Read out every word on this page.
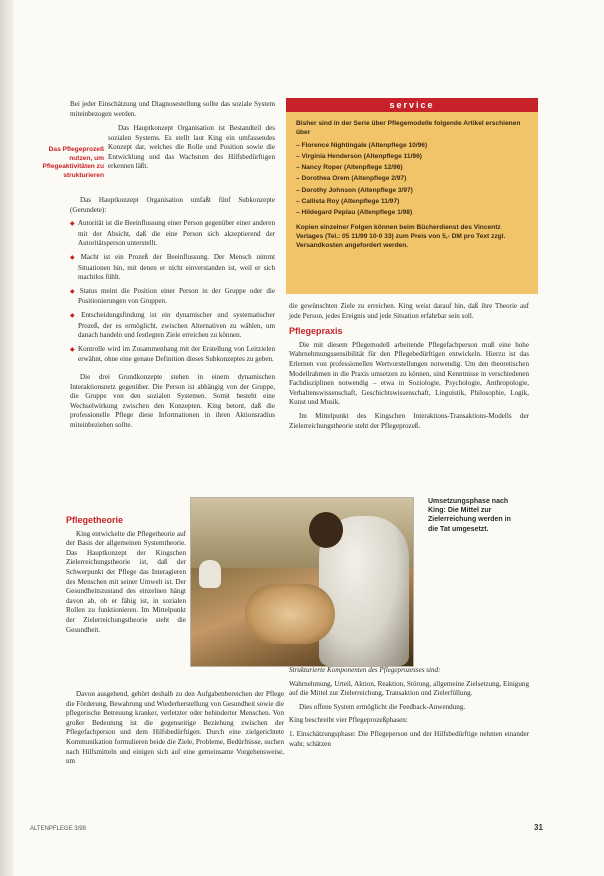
Bei jeder Einschätzung und Diagnosestellung sollte das soziale System miteinbezogen werden.

Das Pflegeprozeß nutzen, um Pflegeaktivitäten zu strukturieren

Das Hauptkonzept Organisation ist Bestandteil des sozialen Systems. Es stellt laut King ein umfassendes Konzept dar, welches die Rolle und Position sowie die Entwicklung und das Wachstum des Hilfsbedürftigen erkennen läßt.

Das Hauptkonzept Organisation umfaßt fünf Subkonzepte (Gerundete):

◆ Autorität ist die Beeinflussung einer Person gegenüber einer anderen mit der Absicht, daß die eine Person sich akzeptierend der Autoritätsperson unterstellt.

◆ Macht ist ein Prozeß der Beeinflussung. Der Mensch nimmt Situationen hin, mit denen er nicht einverstanden ist, weil er sich machtlos fühlt.

◆ Status meint die Position einer Person in der Gruppe oder die Positionierungen von Gruppen.

◆ Entscheidungsfindung ist ein dynamischer und systematischer Prozeß, der es ermöglicht, zwischen Alternativen zu wählen, um danach handeln und festlegten Ziele erreichen zu können.

◆ Kontrolle wird im Zusammenhang mit der Erstellung von Leitzielen erwähnt, ohne eine genaue Definition dieses Subkonzeptes zu geben.

Die drei Grundkonzepte stehen in einem dynamischen Interaktionsnetz gegenüber. Die Person ist abhängig von der Gruppe, die Gruppe von den sozialen Systemen. Somit besteht eine Wechselwirkung zwischen den Konzepten. King betont, daß die professionelle Pflege diese Informationen in ihren Aktionsradius miteinbeziehen sollte.

Pflegetheorie

King entwickelte die Pflegetheorie auf der Basis der allgemeinen Systemtheorie. Das Hauptkonzept der Kingschen Zielerreichungstheorie ist, daß der Schwerpunkt der Pflege das Interagieren des Menschen mit seiner Umwelt ist. Der Gesundheitszustand des einzelnen hängt davon ab, ob er fähig ist, in sozialen Rollen zu funktionieren. Im Mittelpunkt der Zielerreichungstheorie steht die Gesundheit.

Davon ausgehend, gehört deshalb zu den Aufgabenbereichen der Pflege die Förderung, Bewahrung und Wiederherstellung von Gesundheit sowie die pflegerische Betreuung kranker, verletzter oder behinderter Menschen. Von großer Bedeutung ist die gegenseitige Beziehung zwischen der Pflegefachperson und dem Hilfsbedürftigen. Durch eine zielgerichtete Kommunikation formulieren beide die Ziele, Probleme, Bedürfnisse, suchen nach Hilfsmitteln und einigen sich auf eine gemeinsame Vorgehensweise, um

service
Bisher sind in der Serie über Pflegemodelle folgende Artikel erschienen über
– Florence Nightingale (Altenpflege 10/96)
– Virginia Henderson (Altenpflege 11/96)
– Nancy Roper (Altenpflege 12/96)
– Dorothea Orem (Altenpflege 2/97)
– Dorothy Johnson (Altenpflege 3/97)
– Callista Roy (Altenpflege 11/97)
– Hildegard Peplau (Altenpflege 1/98)
Kopien einzelner Folgen können beim Bücherdienst des Vincentz Verlages (Tel.: 05 11/99 10-0 33) zum Preis von 5,- DM pro Text zzgl. Versandkosten angefordert werden.

die gewünschten Ziele zu erreichen. King weist darauf hin, daß ihre Theorie auf jede Person, jedes Ereignis und jede Situation erfahrbar sein soll.

Pflegepraxis

Die mit diesem Pflegemodell arbeitende Pflegefachperson muß eine hohe Wahrnehmungssensibilität für den Pflegebedürftigen entwickeln. Hierzu ist das Erlernen von professionellen Wertvorstellungen notwendig. Um den theoretischen Modellrahmen in die Praxis umsetzen zu können, sind Kenntnisse in verschiedenen Fachdisziplinen notwendig – etwa in Soziologie, Psychologie, Anthropologie, Verhaltenswissenschaft, Geschichtswissenschaft, Linguistik, Philosophie, Logik, Kunst und Musik.

Im Mittelpunkt des Kingschen Interaktions-Transaktions-Modells der Zielerreichungstheorie steht der Pflegeprozeß.

Umsetzungsphase nach King: Die Mittel zur Zielerreichung werden in die Tat umgesetzt.

Strukturierte Komponenten des Pflegeprozesses sind:

Wahrnehmung, Urteil, Aktion, Reaktion, Störung, allgemeine Zielsetzung, Einigung auf die Mittel zur Zielerreichung, Transaktion und Zielerfüllung.

Dies offene System ermöglicht die Feedback-Anwendung.

King beschreibt vier Pflegeprozeßphasen:

1. Einschätzungsphase: Die Pflegeperson und der Hilfsbedürftige nehmen einander wahr, schätzen

ALTENPFLEGE 3/98	31
